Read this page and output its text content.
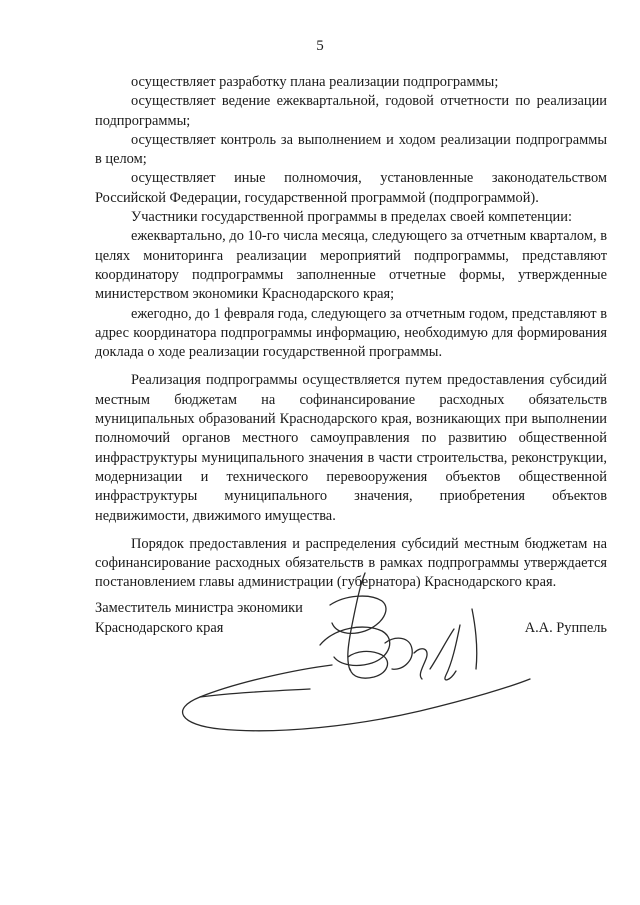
5

осуществляет разработку плана реализации подпрограммы;

осуществляет ведение ежеквартальной, годовой отчетности по реализации подпрограммы;

осуществляет контроль за выполнением и ходом реализации подпрограммы в целом;

осуществляет иные полномочия, установленные законодательством Российской Федерации, государственной программой (подпрограммой).

Участники государственной программы в пределах своей компетенции:

ежеквартально, до 10-го числа месяца, следующего за отчетным кварталом, в целях мониторинга реализации мероприятий подпрограммы, представляют координатору подпрограммы заполненные отчетные формы, утвержденные министерством экономики Краснодарского края;

ежегодно, до 1 февраля года, следующего за отчетным годом, представляют в адрес координатора подпрограммы информацию, необходимую для формирования доклада о ходе реализации государственной программы.

Реализация подпрограммы осуществляется путем предоставления субсидий местным бюджетам на софинансирование расходных обязательств муниципальных образований Краснодарского края, возникающих при выполнении полномочий органов местного самоуправления по развитию общественной инфраструктуры муниципального значения в части строительства, реконструкции, модернизации и технического перевооружения объектов общественной инфраструктуры муниципального значения, приобретения объектов недвижимости, движимого имущества.

Порядок предоставления и распределения субсидий местным бюджетам на софинансирование расходных обязательств в рамках подпрограммы утверждается постановлением главы администрации (губернатора) Краснодарского края.

Заместитель министра экономики
Краснодарского края	А.А. Руппель
